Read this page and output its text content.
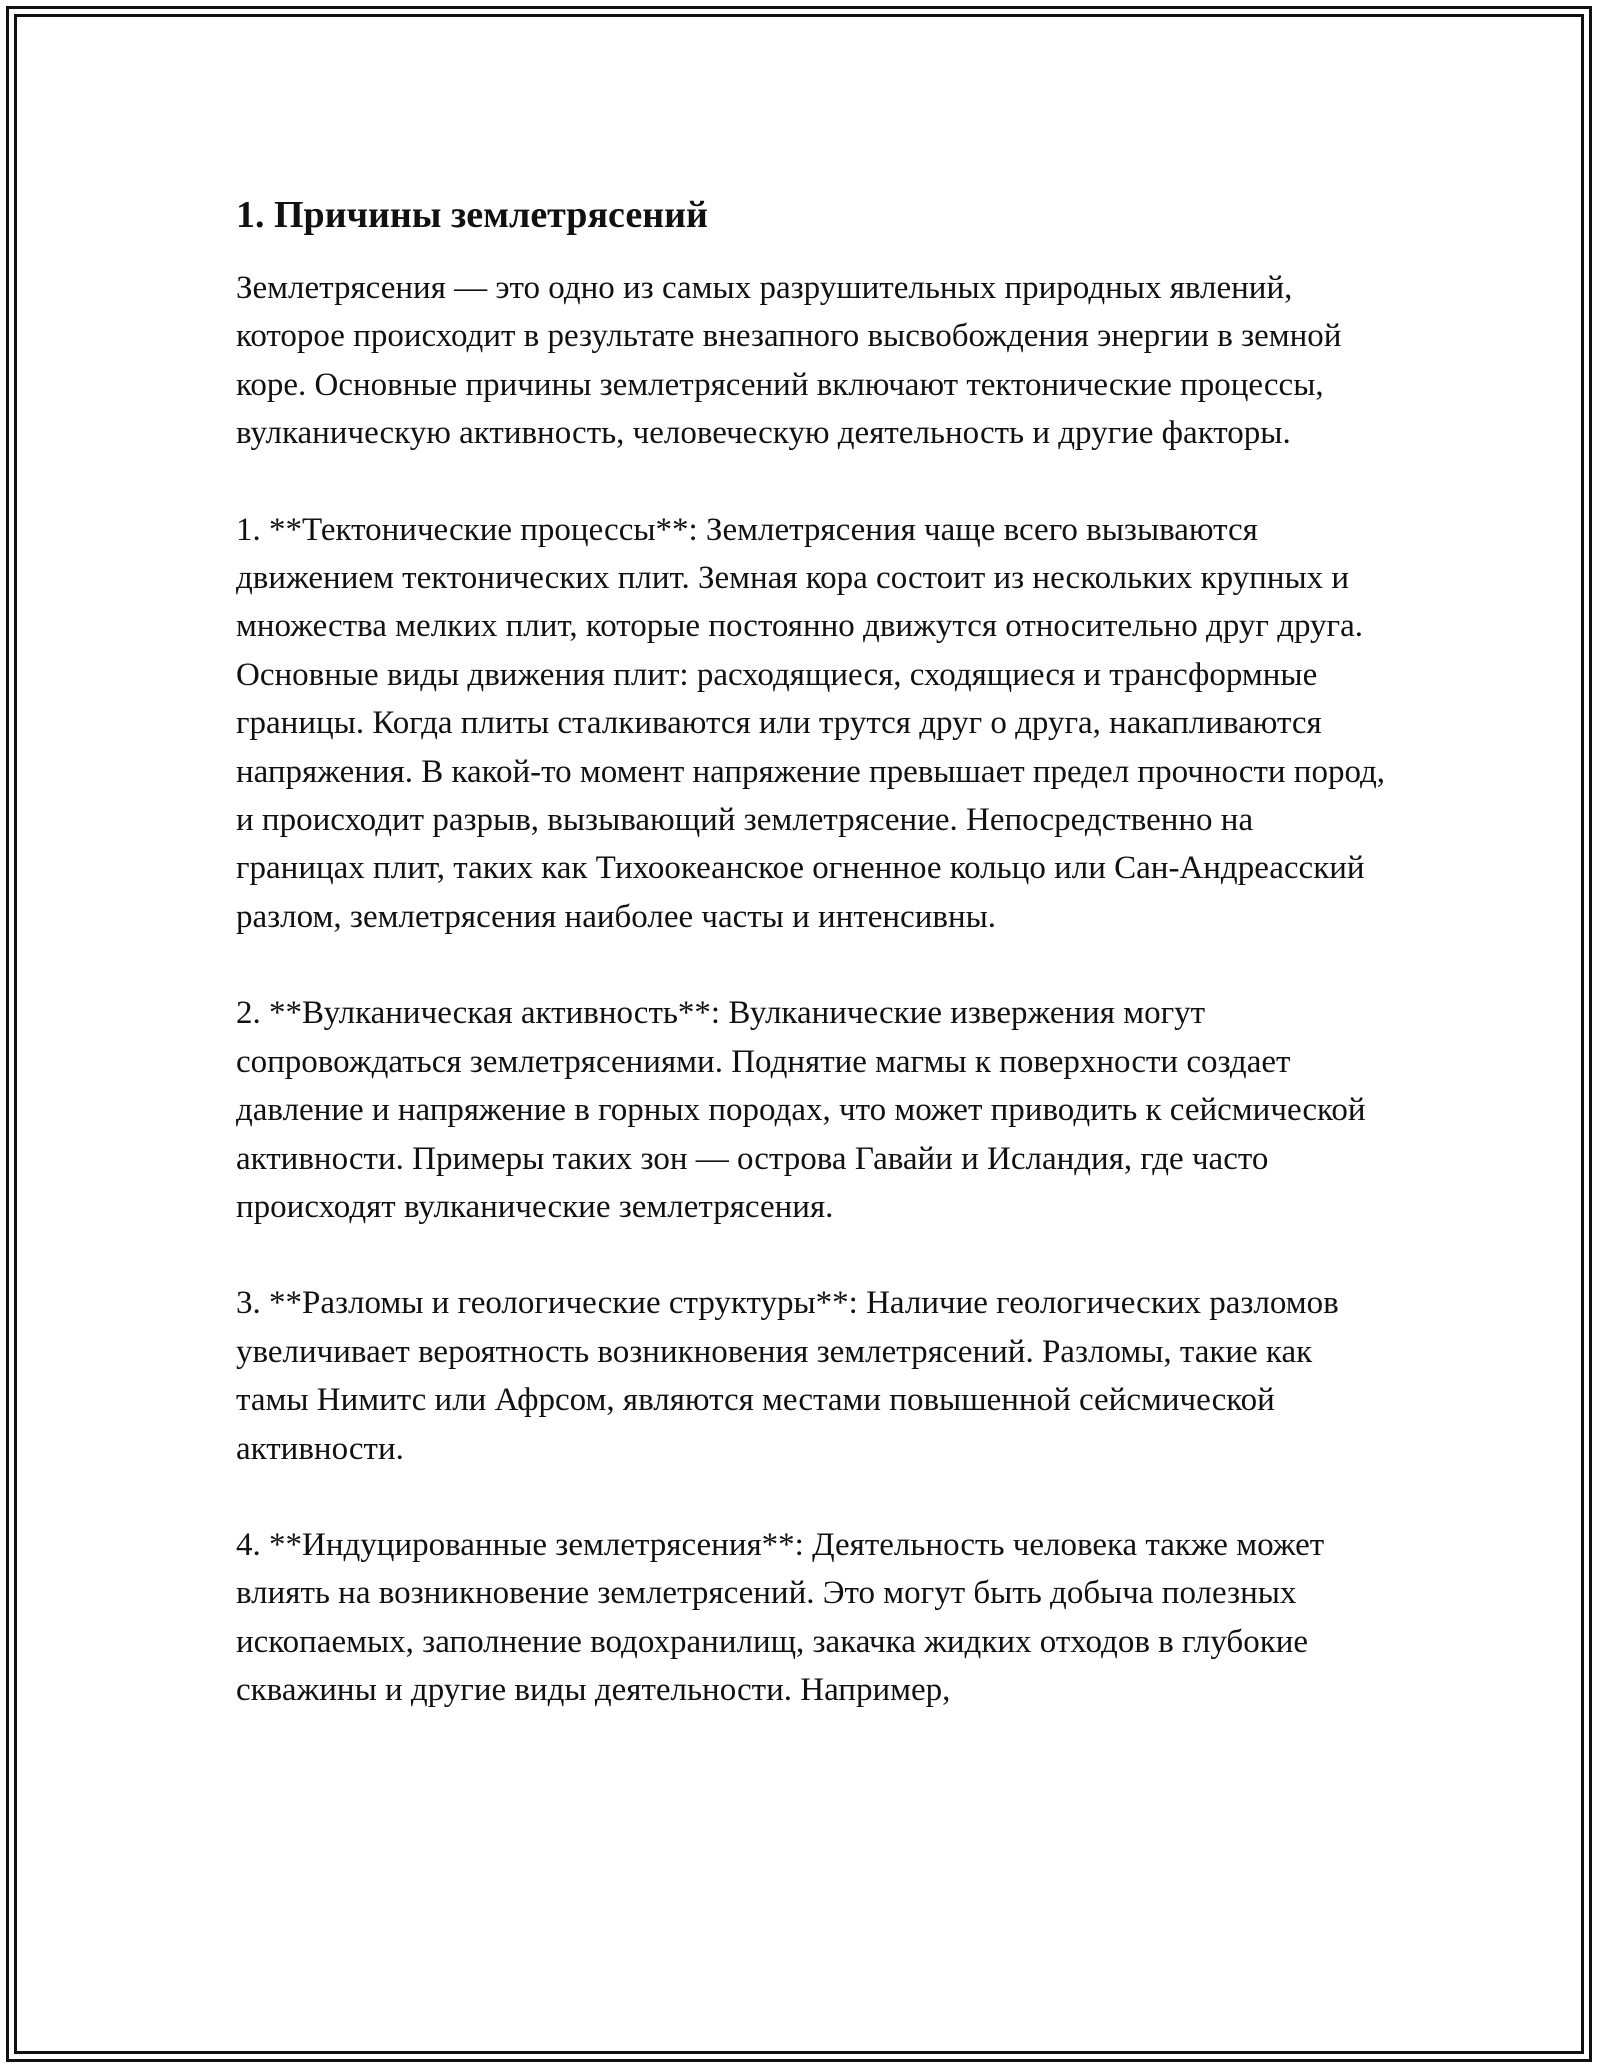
1. Причины землетрясений

Землетрясения — это одно из самых разрушительных природных явлений, которое происходит в результате внезапного высвобождения энергии в земной коре. Основные причины землетрясений включают тектонические процессы, вулканическую активность, человеческую деятельность и другие факторы.

1. **Тектонические процессы**: Землетрясения чаще всего вызываются движением тектонических плит. Земная кора состоит из нескольких крупных и множества мелких плит, которые постоянно движутся относительно друг друга. Основные виды движения плит: расходящиеся, сходящиеся и трансформные границы. Когда плиты сталкиваются или трутся друг о друга, накапливаются напряжения. В какой-то момент напряжение превышает предел прочности пород, и происходит разрыв, вызывающий землетрясение. Непосредственно на границах плит, таких как Тихоокеанское огненное кольцо или Сан-Андреасский разлом, землетрясения наиболее часты и интенсивны.

2. **Вулканическая активность**: Вулканические извержения могут сопровождаться землетрясениями. Поднятие магмы к поверхности создает давление и напряжение в горных породах, что может приводить к сейсмической активности. Примеры таких зон — острова Гавайи и Исландия, где часто происходят вулканические землетрясения.

3. **Разломы и геологические структуры**: Наличие геологических разломов увеличивает вероятность возникновения землетрясений. Разломы, такие как тамы Нимитс или Афрсом, являются местами повышенной сейсмической активности.

4. **Индуцированные землетрясения**: Деятельность человека также может влиять на возникновение землетрясений. Это могут быть добыча полезных ископаемых, заполнение водохранилищ, закачка жидких отходов в глубокие скважины и другие виды деятельности. Например,
